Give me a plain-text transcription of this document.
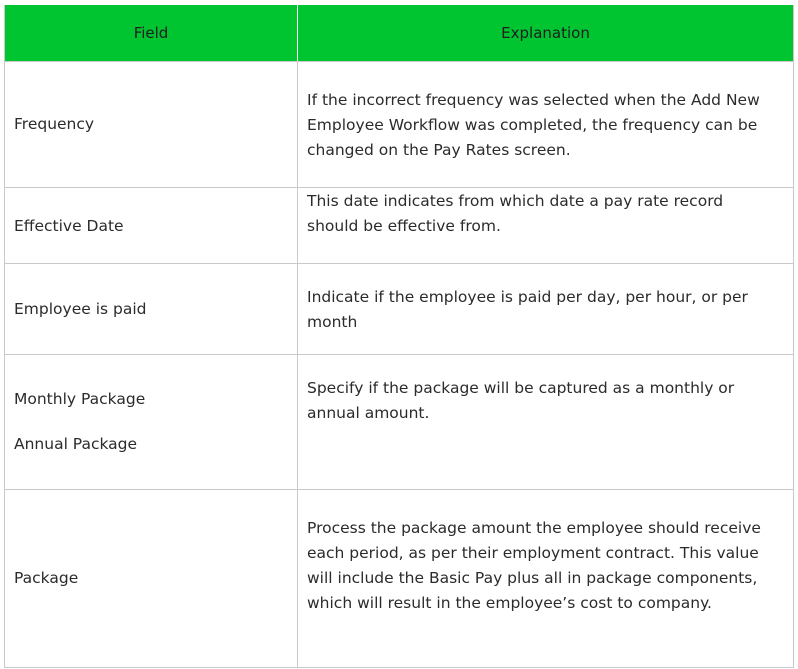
Field	Explanation
Frequency
If the incorrect frequency was selected when the Add New Employee Workflow was completed, the frequency can be changed on the Pay Rates screen.
Effective Date
This date indicates from which date a pay rate record should be effective from.
Employee is paid
Indicate if the employee is paid per day, per hour, or per month
Monthly Package
Annual Package
Specify if the package will be captured as a monthly or annual amount.
Package
Process the package amount the employee should receive each period, as per their employment contract. This value will include the Basic Pay plus all in package components, which will result in the employee’s cost to company.
